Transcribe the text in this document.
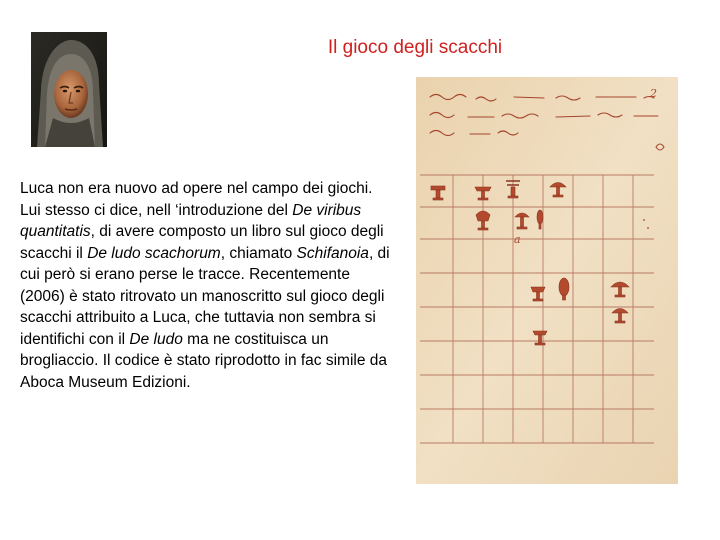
Il gioco degli scacchi
Luca non era nuovo ad opere nel campo dei giochi. Lui stesso ci dice, nell ‘introduzione del De viribus quantitatis, di avere composto un libro sul gioco degli scacchi il De ludo scachorum, chiamato Schifanoia, di cui però si erano perse le tracce. Recentemente (2006) è stato ritrovato un manoscritto sul gioco degli scacchi attribuito a Luca, che tuttavia non sembra si identifichi con il De ludo ma ne costituisca un brogliaccio. Il codice è stato riprodotto in fac simile da Aboca Museum Edizioni.
a
2
